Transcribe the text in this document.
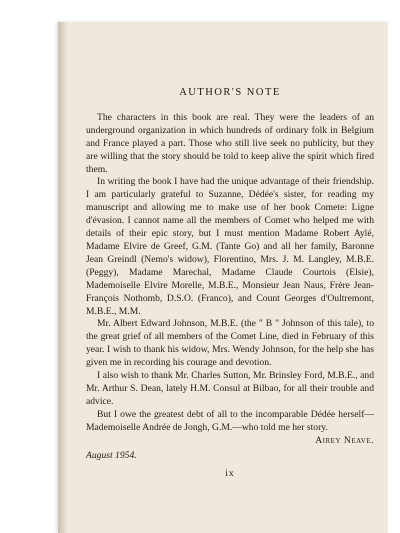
AUTHOR'S NOTE

The characters in this book are real. They were the leaders of an underground organization in which hundreds of ordinary folk in Belgium and France played a part. Those who still live seek no publicity, but they are willing that the story should be told to keep alive the spirit which fired them.

In writing the book I have had the unique advantage of their friendship. I am particularly grateful to Suzanne, Dédée's sister, for reading my manuscript and allowing me to make use of her book Comete: Ligne d'évasion. I cannot name all the members of Comet who helped me with details of their epic story, but I must mention Madame Robert Aylé, Madame Elvire de Greef, G.M. (Tante Go) and all her family, Baronne Jean Greindl (Nemo's widow), Florentino, Mrs. J. M. Langley, M.B.E. (Peggy), Madame Marechal, Madame Claude Courtois (Elsie), Mademoiselle Elvire Morelle, M.B.E., Monsieur Jean Naus, Frère Jean-François Nothomb, D.S.O. (Franco), and Count Georges d'Oultremont, M.B.E., M.M.

Mr. Albert Edward Johnson, M.B.E. (the " B " Johnson of this tale), to the great grief of all members of the Comet Line, died in February of this year. I wish to thank his widow, Mrs. Wendy Johnson, for the help she has given me in recording his courage and devotion.

I also wish to thank Mr. Charles Sutton, Mr. Brinsley Ford, M.B.E., and Mr. Arthur S. Dean, lately H.M. Consul at Bilbao, for all their trouble and advice.

But I owe the greatest debt of all to the incomparable Dédée herself—Mademoiselle Andrée de Jongh, G.M.—who told me her story.

Airey Neave.

August 1954.

ix
